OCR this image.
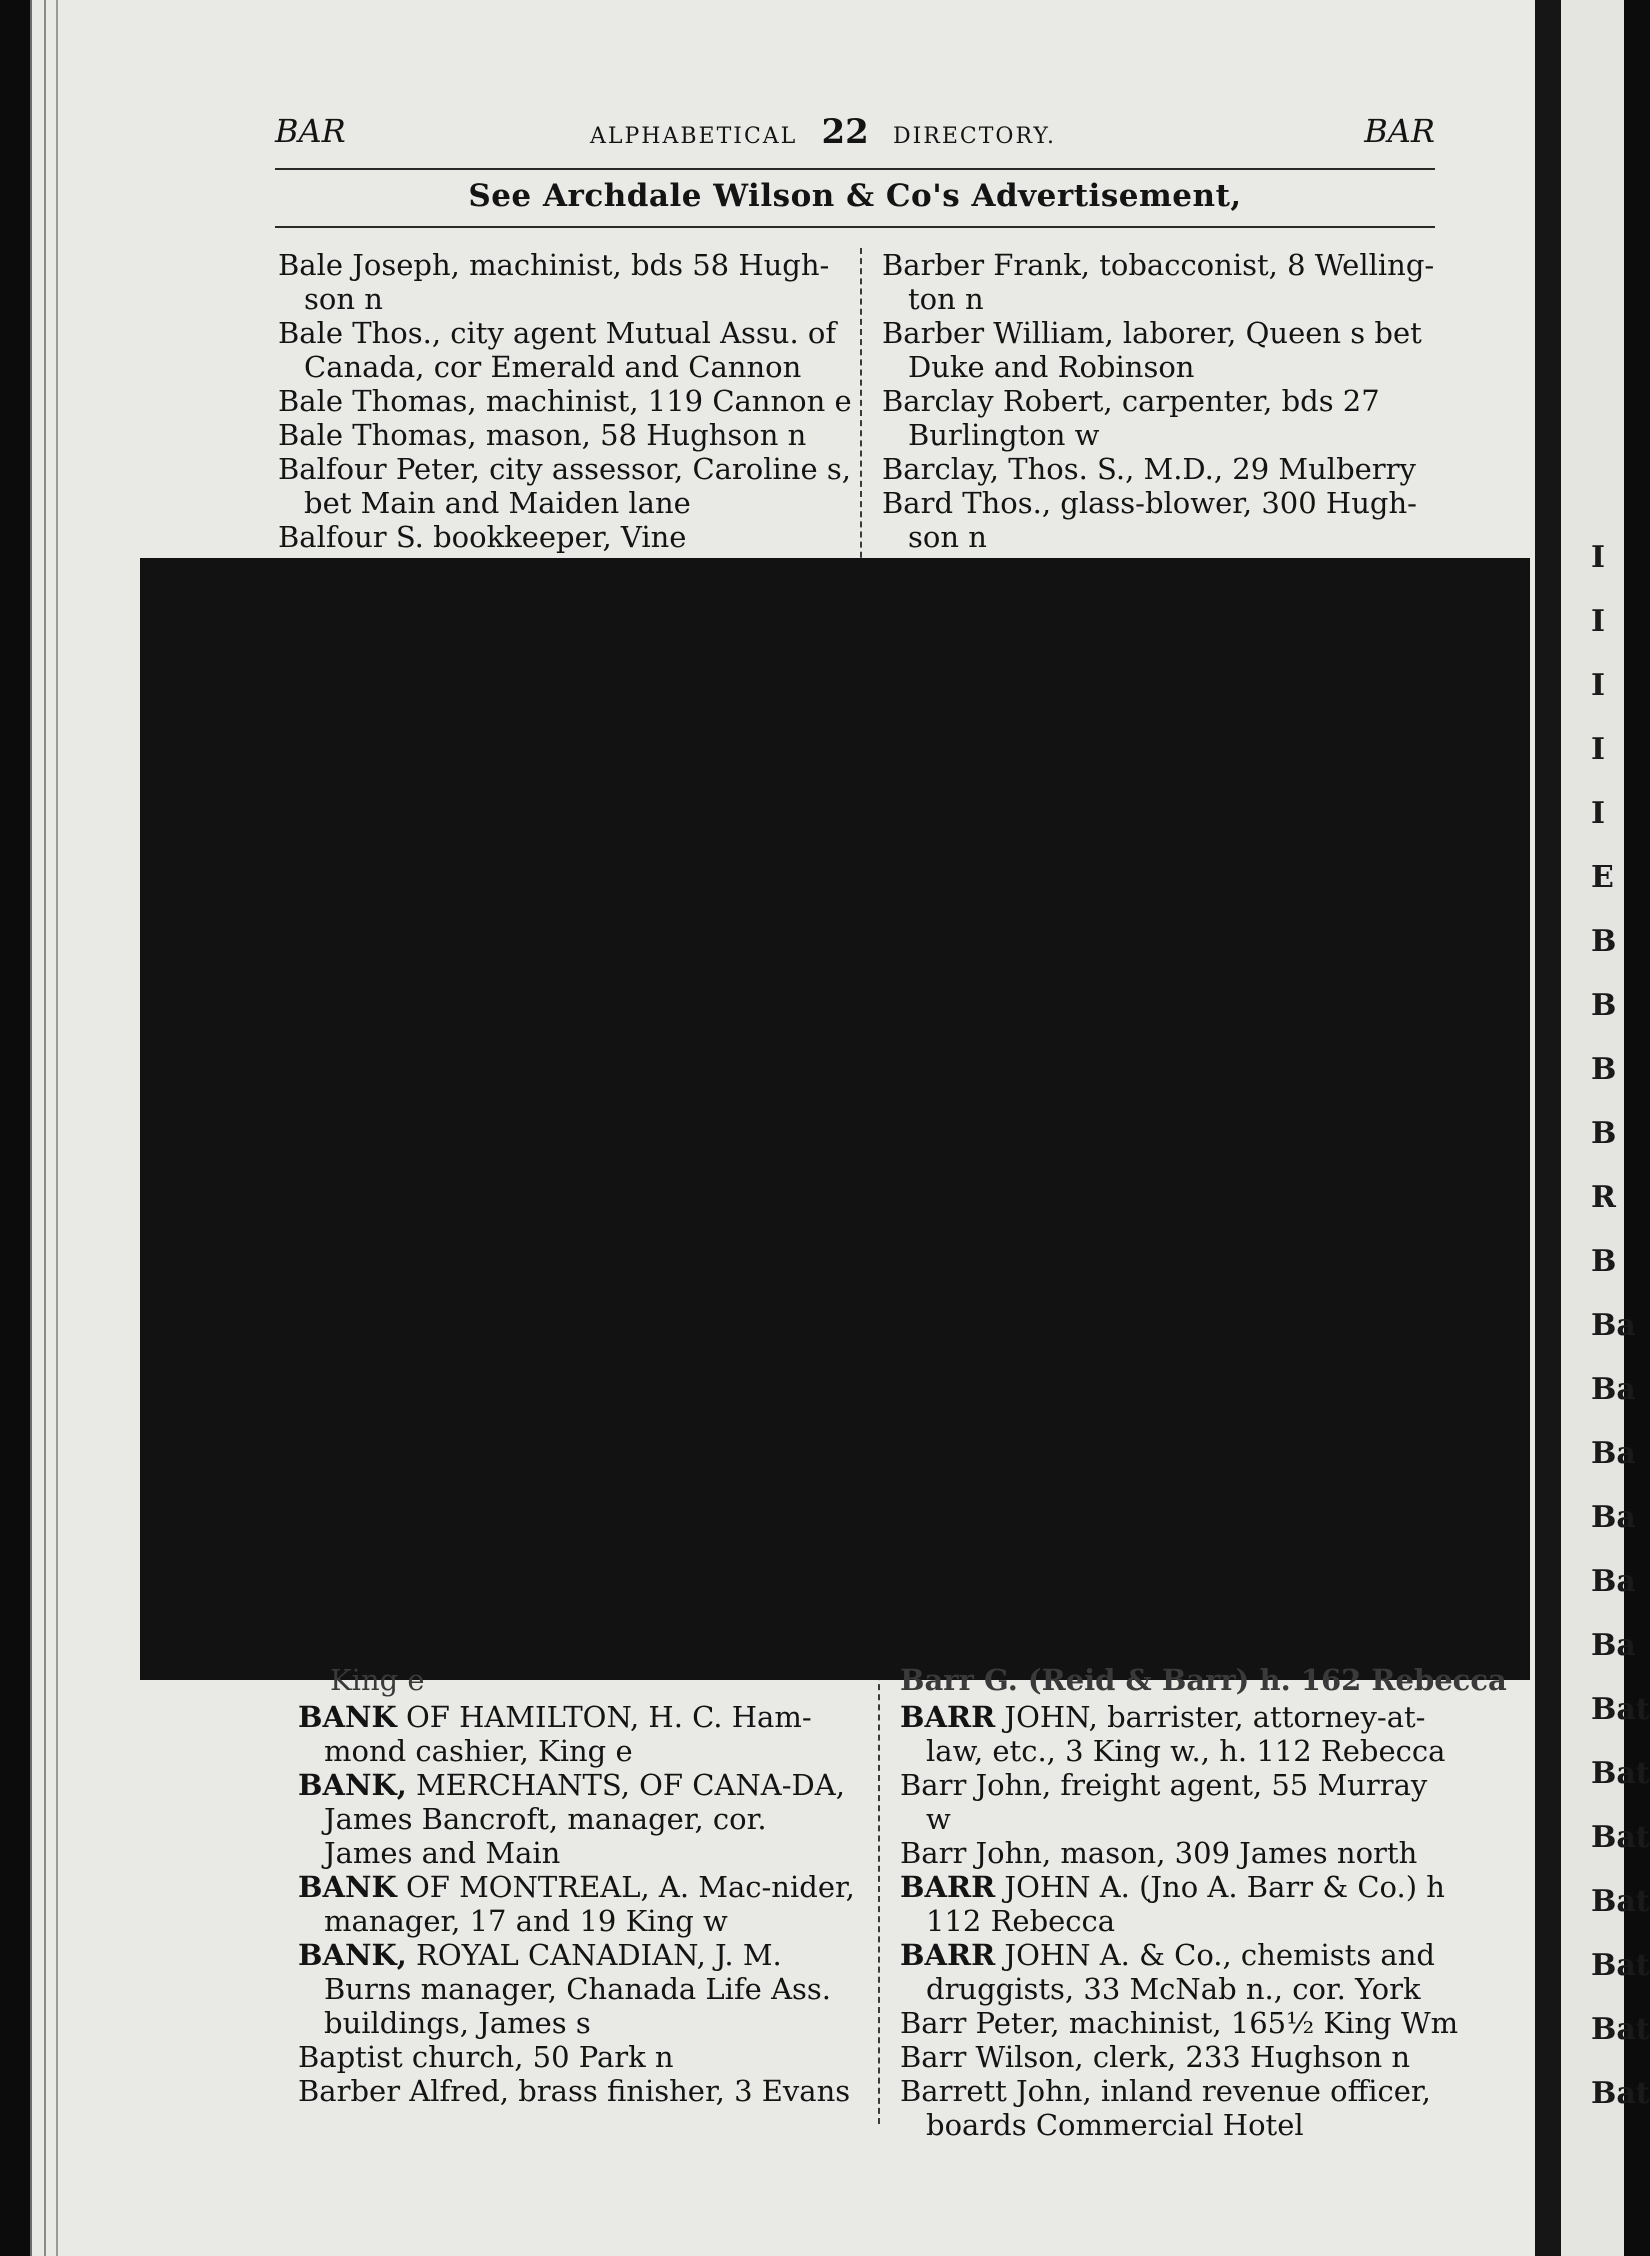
I
I
I
I
I
E
B
B
B
B
R
B
Ba
Ba
Ba
Ba
Ba
Ba
Bat
Bat
Bat
Bat
Bat
Bat
Bat
BAR	ALPHABETICAL 22 DIRECTORY.	BAR
See Archdale Wilson & Co's Advertisement,

Bale Joseph, machinist, bds 58 Hugh-son n

Bale Thos., city agent Mutual Assu. of Canada, cor Emerald and Cannon

Bale Thomas, machinist, 119 Cannon e

Bale Thomas, mason, 58 Hughson n

Balfour Peter, city assessor, Caroline s, bet Main and Maiden lane

Balfour S. bookkeeper, Vine

Barber Frank, tobacconist, 8 Welling-ton n

Barber William, laborer, Queen s bet Duke and Robinson

Barclay Robert, carpenter, bds 27 Burlington w

Barclay, Thos. S., M.D., 29 Mulberry

Bard Thos., glass-blower, 300 Hugh-son n

King e	Barr G. (Reid & Barr) h. 162 Rebecca

BANK OF HAMILTON, H. C. Ham-mond cashier, King e

BANK, MERCHANTS, OF CANA-DA, James Bancroft, manager, cor. James and Main

BANK OF MONTREAL, A. Mac-nider, manager, 17 and 19 King w

BANK, ROYAL CANADIAN, J. M. Burns manager, Chanada Life Ass. buildings, James s

Baptist church, 50 Park n

Barber Alfred, brass finisher, 3 Evans

BARR JOHN, barrister, attorney-at-law, etc., 3 King w., h. 112 Rebecca

Barr John, freight agent, 55 Murray w

Barr John, mason, 309 James north

BARR JOHN A. (Jno A. Barr & Co.) h 112 Rebecca

BARR JOHN A. & Co., chemists and druggists, 33 McNab n., cor. York

Barr Peter, machinist, 165½ King Wm

Barr Wilson, clerk, 233 Hughson n

Barrett John, inland revenue officer, boards Commercial Hotel
